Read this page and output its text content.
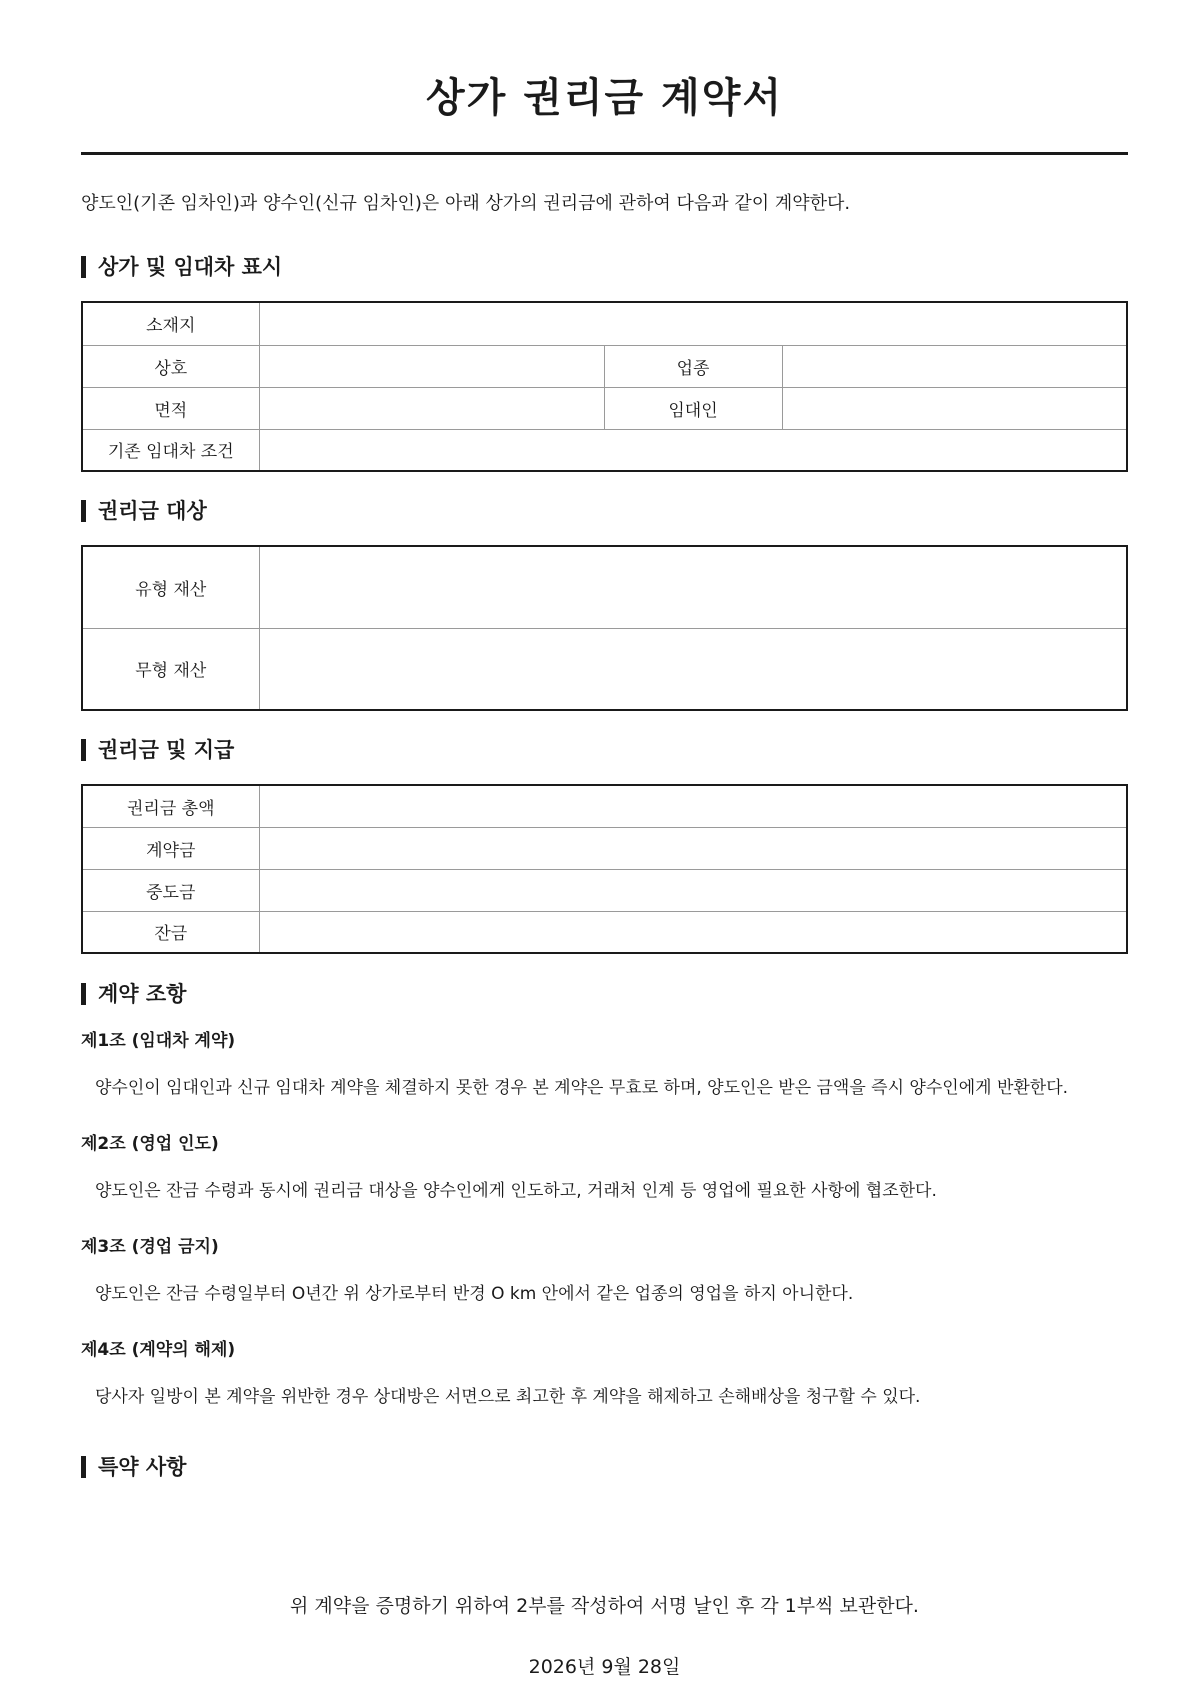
상가 권리금 계약서

양도인(기존 임차인)과 양수인(신규 임차인)은 아래 상가의 권리금에 관하여 다음과 같이 계약한다.

상가 및 임대차 표시
소재지			
상호		업종	
면적		임대인	
기존 임대차 조건			
권리금 대상
유형 재산	
무형 재산	
권리금 및 지급
권리금 총액	
계약금	
중도금	
잔금	
계약 조항

제1조 (임대차 계약)

양수인이 임대인과 신규 임대차 계약을 체결하지 못한 경우 본 계약은 무효로 하며, 양도인은 받은 금액을 즉시 양수인에게 반환한다.

제2조 (영업 인도)

양도인은 잔금 수령과 동시에 권리금 대상을 양수인에게 인도하고, 거래처 인계 등 영업에 필요한 사항에 협조한다.

제3조 (경업 금지)

양도인은 잔금 수령일부터 O년간 위 상가로부터 반경 O km 안에서 같은 업종의 영업을 하지 아니한다.

제4조 (계약의 해제)

당사자 일방이 본 계약을 위반한 경우 상대방은 서면으로 최고한 후 계약을 해제하고 손해배상을 청구할 수 있다.

특약 사항

위 계약을 증명하기 위하여 2부를 작성하여 서명 날인 후 각 1부씩 보관한다.

2026년 9월 28일
